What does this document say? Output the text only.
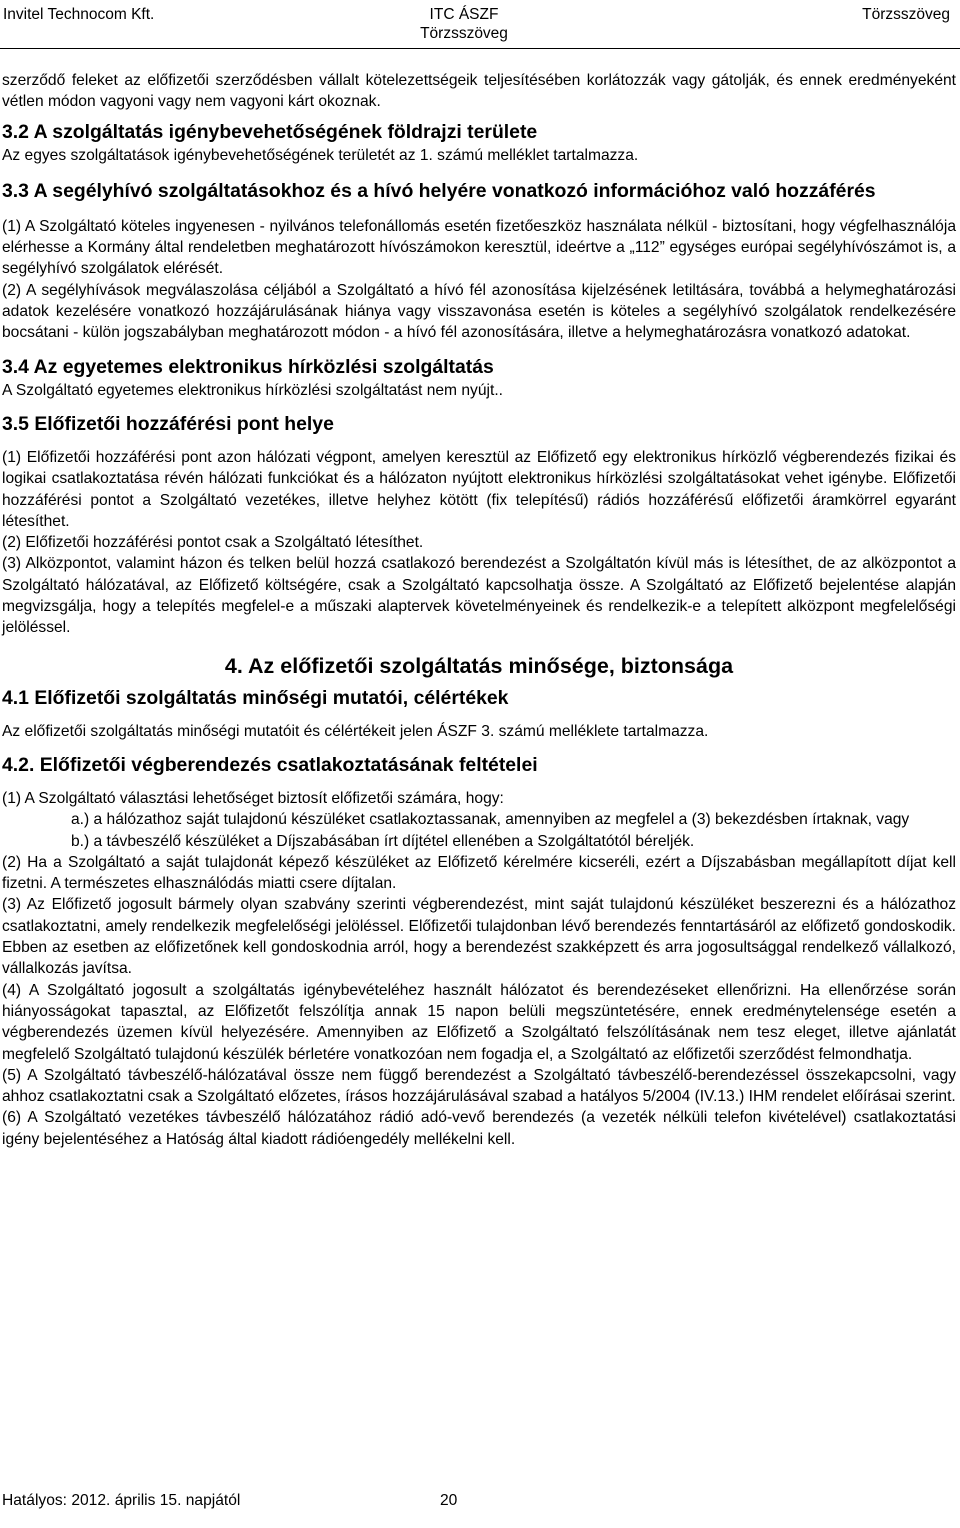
Invitel Technocom Kft.	ITC ÁSZF
Törzsszöveg
Törzsszöveg

szerződő feleket az előfizetői szerződésben vállalt kötelezettségeik teljesítésében korlátozzák vagy gátolják, és ennek eredményeként vétlen módon vagyoni vagy nem vagyoni kárt okoznak.

3.2 A szolgáltatás igénybevehetőségének földrajzi területe

Az egyes szolgáltatások igénybevehetőségének területét az 1. számú melléklet tartalmazza.

3.3 A segélyhívó szolgáltatásokhoz és a hívó helyére vonatkozó információhoz való hozzáférés

(1) A Szolgáltató köteles ingyenesen - nyilvános telefonállomás esetén fizetőeszköz használata nélkül - biztosítani, hogy végfelhasználója elérhesse a Kormány által rendeletben meghatározott hívószámokon keresztül, ideértve a „112” egységes európai segélyhívószámot is, a segélyhívó szolgálatok elérését.

(2) A segélyhívások megválaszolása céljából a Szolgáltató a hívó fél azonosítása kijelzésének letiltására, továbbá a helymeghatározási adatok kezelésére vonatkozó hozzájárulásának hiánya vagy visszavonása esetén is köteles a segélyhívó szolgálatok rendelkezésére bocsátani - külön jogszabályban meghatározott módon - a hívó fél azonosítására, illetve a helymeghatározásra vonatkozó adatokat.

3.4 Az egyetemes elektronikus hírközlési szolgáltatás

A Szolgáltató egyetemes elektronikus hírközlési szolgáltatást nem nyújt..

3.5 Előfizetői hozzáférési pont helye

(1) Előfizetői hozzáférési pont azon hálózati végpont, amelyen keresztül az Előfizető egy elektronikus hírközlő végberendezés fizikai és logikai csatlakoztatása révén hálózati funkciókat és a hálózaton nyújtott elektronikus hírközlési szolgáltatásokat vehet igénybe. Előfizetői hozzáférési pontot a Szolgáltató vezetékes, illetve helyhez kötött (fix telepítésű) rádiós hozzáférésű előfizetői áramkörrel egyaránt létesíthet.

(2) Előfizetői hozzáférési pontot csak a Szolgáltató létesíthet.

(3) Alközpontot, valamint házon és telken belül hozzá csatlakozó berendezést a Szolgáltatón kívül más is létesíthet, de az alközpontot a Szolgáltató hálózatával, az Előfizető költségére, csak a Szolgáltató kapcsolhatja össze. A Szolgáltató az Előfizető bejelentése alapján megvizsgálja, hogy a telepítés megfelel-e a műszaki alaptervek követelményeinek és rendelkezik-e a telepített alközpont megfelelőségi jelöléssel.

4. Az előfizetői szolgáltatás minősége, biztonsága

4.1 Előfizetői szolgáltatás minőségi mutatói, célértékek

Az előfizetői szolgáltatás minőségi mutatóit és célértékeit jelen ÁSZF 3. számú melléklete tartalmazza.

4.2. Előfizetői végberendezés csatlakoztatásának feltételei

(1) A Szolgáltató választási lehetőséget biztosít előfizetői számára, hogy:

a.) a hálózathoz saját tulajdonú készüléket csatlakoztassanak, amennyiben az megfelel a (3) bekezdésben írtaknak, vagy

b.) a távbeszélő készüléket a Díjszabásában írt díjtétel ellenében a Szolgáltatótól béreljék.

(2) Ha a Szolgáltató a saját tulajdonát képező készüléket az Előfizető kérelmére kicseréli, ezért a Díjszabásban megállapított díjat kell fizetni. A természetes elhasználódás miatti csere díjtalan.

(3) Az Előfizető jogosult bármely olyan szabvány szerinti végberendezést, mint saját tulajdonú készüléket beszerezni és a hálózathoz csatlakoztatni, amely rendelkezik megfelelőségi jelöléssel. Előfizetői tulajdonban lévő berendezés fenntartásáról az előfizető gondoskodik. Ebben az esetben az előfizetőnek kell gondoskodnia arról, hogy a berendezést szakképzett és arra jogosultsággal rendelkező vállalkozó, vállalkozás javítsa.

(4) A Szolgáltató jogosult a szolgáltatás igénybevételéhez használt hálózatot és berendezéseket ellenőrizni. Ha ellenőrzése során hiányosságokat tapasztal, az Előfizetőt felszólítja annak 15 napon belüli megszüntetésére, ennek eredménytelensége esetén a végberendezés üzemen kívül helyezésére. Amennyiben az Előfizető a Szolgáltató felszólításának nem tesz eleget, illetve ajánlatát megfelelő Szolgáltató tulajdonú készülék bérletére vonatkozóan nem fogadja el, a Szolgáltató az előfizetői szerződést felmondhatja.

(5) A Szolgáltató távbeszélő-hálózatával össze nem függő berendezést a Szolgáltató távbeszélő-berendezéssel összekapcsolni, vagy ahhoz csatlakoztatni csak a Szolgáltató előzetes, írásos hozzájárulásával szabad a hatályos 5/2004 (IV.13.) IHM rendelet előírásai szerint.

(6) A Szolgáltató vezetékes távbeszélő hálózatához rádió adó-vevő berendezés (a vezeték nélküli telefon kivételével) csatlakoztatási igény bejelentéséhez a Hatóság által kiadott rádióengedély mellékelni kell.

Hatályos: 2012. április 15. napjától	20
